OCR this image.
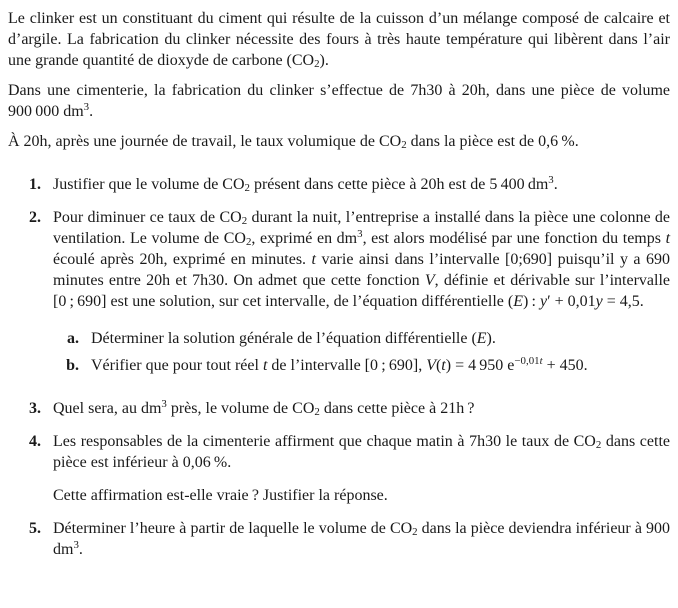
Le clinker est un constituant du ciment qui résulte de la cuisson d’un mélange composé de calcaire et d’argile. La fabrication du clinker nécessite des fours à très haute température qui libèrent dans l’air une grande quantité de dioxyde de carbone $(CO_2)$.

Dans une cimenterie, la fabrication du clinker s’effectue de 7h30 à 20h, dans une pièce de volume 900 000 $dm^3$.

À 20h, après une journée de travail, le taux volumique de $CO_2$ dans la pièce est de 0,6 %.

1. Justifier que le volume de $CO_2$ présent dans cette pièce à 20h est de 5 400 $dm^3$.
2. Pour diminuer ce taux de $CO_2$ durant la nuit, l’entreprise a installé dans la pièce une colonne de ventilation. Le volume de $CO_2$, exprimé en $dm^3$, est alors modélisé par une fonction du temps t écoulé après 20h, exprimé en minutes. t varie ainsi dans l’intervalle [0;690] puisqu’il y a 690 minutes entre 20h et 7h30. On admet que cette fonction V, définie et dérivable sur l’intervalle [0 ; 690] est une solution, sur cet intervalle, de l’équation différentielle (E) : y′ + 0,01y = 4,5.

a. Déterminer la solution générale de l’équation différentielle (E).
b. Vérifier que pour tout réel t de l’intervalle [0 ; 690], V(t) = 4 950 $e^{-0,01t} + 450$.
3. Quel sera, au $dm^3$ près, le volume de $CO_2$ dans cette pièce à 21h ?
4. Les responsables de la cimenterie affirment que chaque matin à 7h30 le taux de $CO_2$ dans cette pièce est inférieur à 0,06 %.

Cette affirmation est-elle vraie ? Justifier la réponse.

5. Déterminer l’heure à partir de laquelle le volume de $CO_2$ dans la pièce deviendra inférieur à 900 $dm^3$.
